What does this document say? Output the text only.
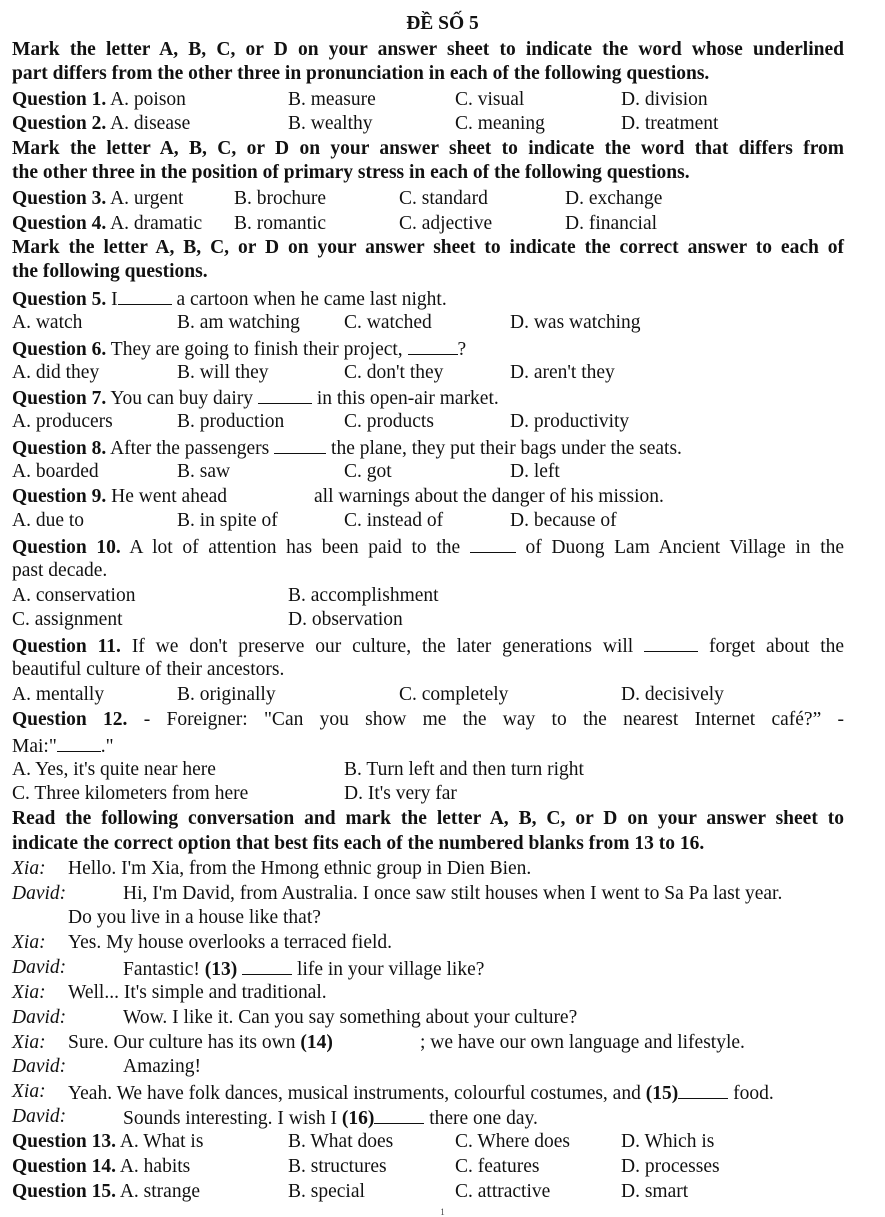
ĐỀ SỐ 5
Mark the letter A, B, C, or D on your answer sheet to indicate the word whose underlined
part differs from the other three in pronunciation in each of the following questions.
Question 1. A. poison	B. measure	C. visual	D. division
Question 2. A. disease	B. wealthy	C. meaning	D. treatment
Mark the letter A, B, C, or D on your answer sheet to indicate the word that differs from
the other three in the position of primary stress in each of the following questions.
Question 3. A. urgent	B. brochure	C. standard	D. exchange
Question 4. A. dramatic B. romantic	C. adjective	D. financial
Mark the letter A, B, C, or D on your answer sheet to indicate the correct answer to each of
the following questions.
Question 5. I	a cartoon when he came last night.
A. watch	B. am watching C. watched	D. was watching
Question 6. They are going to finish their project,	?
A. did they	B. will they	C. don't they	D. aren't they
Question 7. You can buy dairy	in this open-air market.
A. producers	B. production	C. products	D. productivity
Question 8. After the passengers	the plane, they put their bags under the seats.
A. boarded	B. saw	C. got	D. left
Question 9. He went ahead	all warnings about the danger of his mission.
A. due to	B. in spite of	C. instead of	D. because of
Question 10. A lot of attention has been paid to the	of Duong Lam Ancient Village in the
past decade.
A. conservation	B. accomplishment
C. assignment	D. observation
Question 11. If we don't preserve our culture, the later generations will	forget about the
beautiful culture of their ancestors.
A. mentally	B. originally	C. completely	D. decisively
Question 12. - Foreigner: "Can you show me the way to the nearest Internet café?” -
Mai:" ."
A. Yes, it's quite near here	B. Turn left and then turn right
C. Three kilometers from here	D. It's very far
Read the following conversation and mark the letter A, B, C, or D on your answer sheet to
indicate the correct option that best fits each of the numbered blanks from 13 to 16.
Xia: Hello. I'm Xia, from the Hmong ethnic group in Dien Bien.
David:	Hi, I'm David, from Australia. I once saw stilt houses when I went to Sa Pa last year.
Do you live in a house like that?
Xia: Yes. My house overlooks a terraced field.
David:	Fantastic! (13)	life in your village like?
Xia: Well... It's simple and traditional.
David:	Wow. I like it. Can you say something about your culture?
Xia: Sure. Our culture has its own (14)	; we have our own language and lifestyle.
David:	Amazing!
Xia: Yeah. We have folk dances, musical instruments, colourful costumes, and (15)	food.
David:	Sounds interesting. I wish I (16)	there one day.
Question 13. A. What is	B. What does	C. Where does	D. Which is
Question 14. A. habits	B. structures	C. features	D. processes
Question 15. A. strange	B. special	C. attractive	D. smart
1
